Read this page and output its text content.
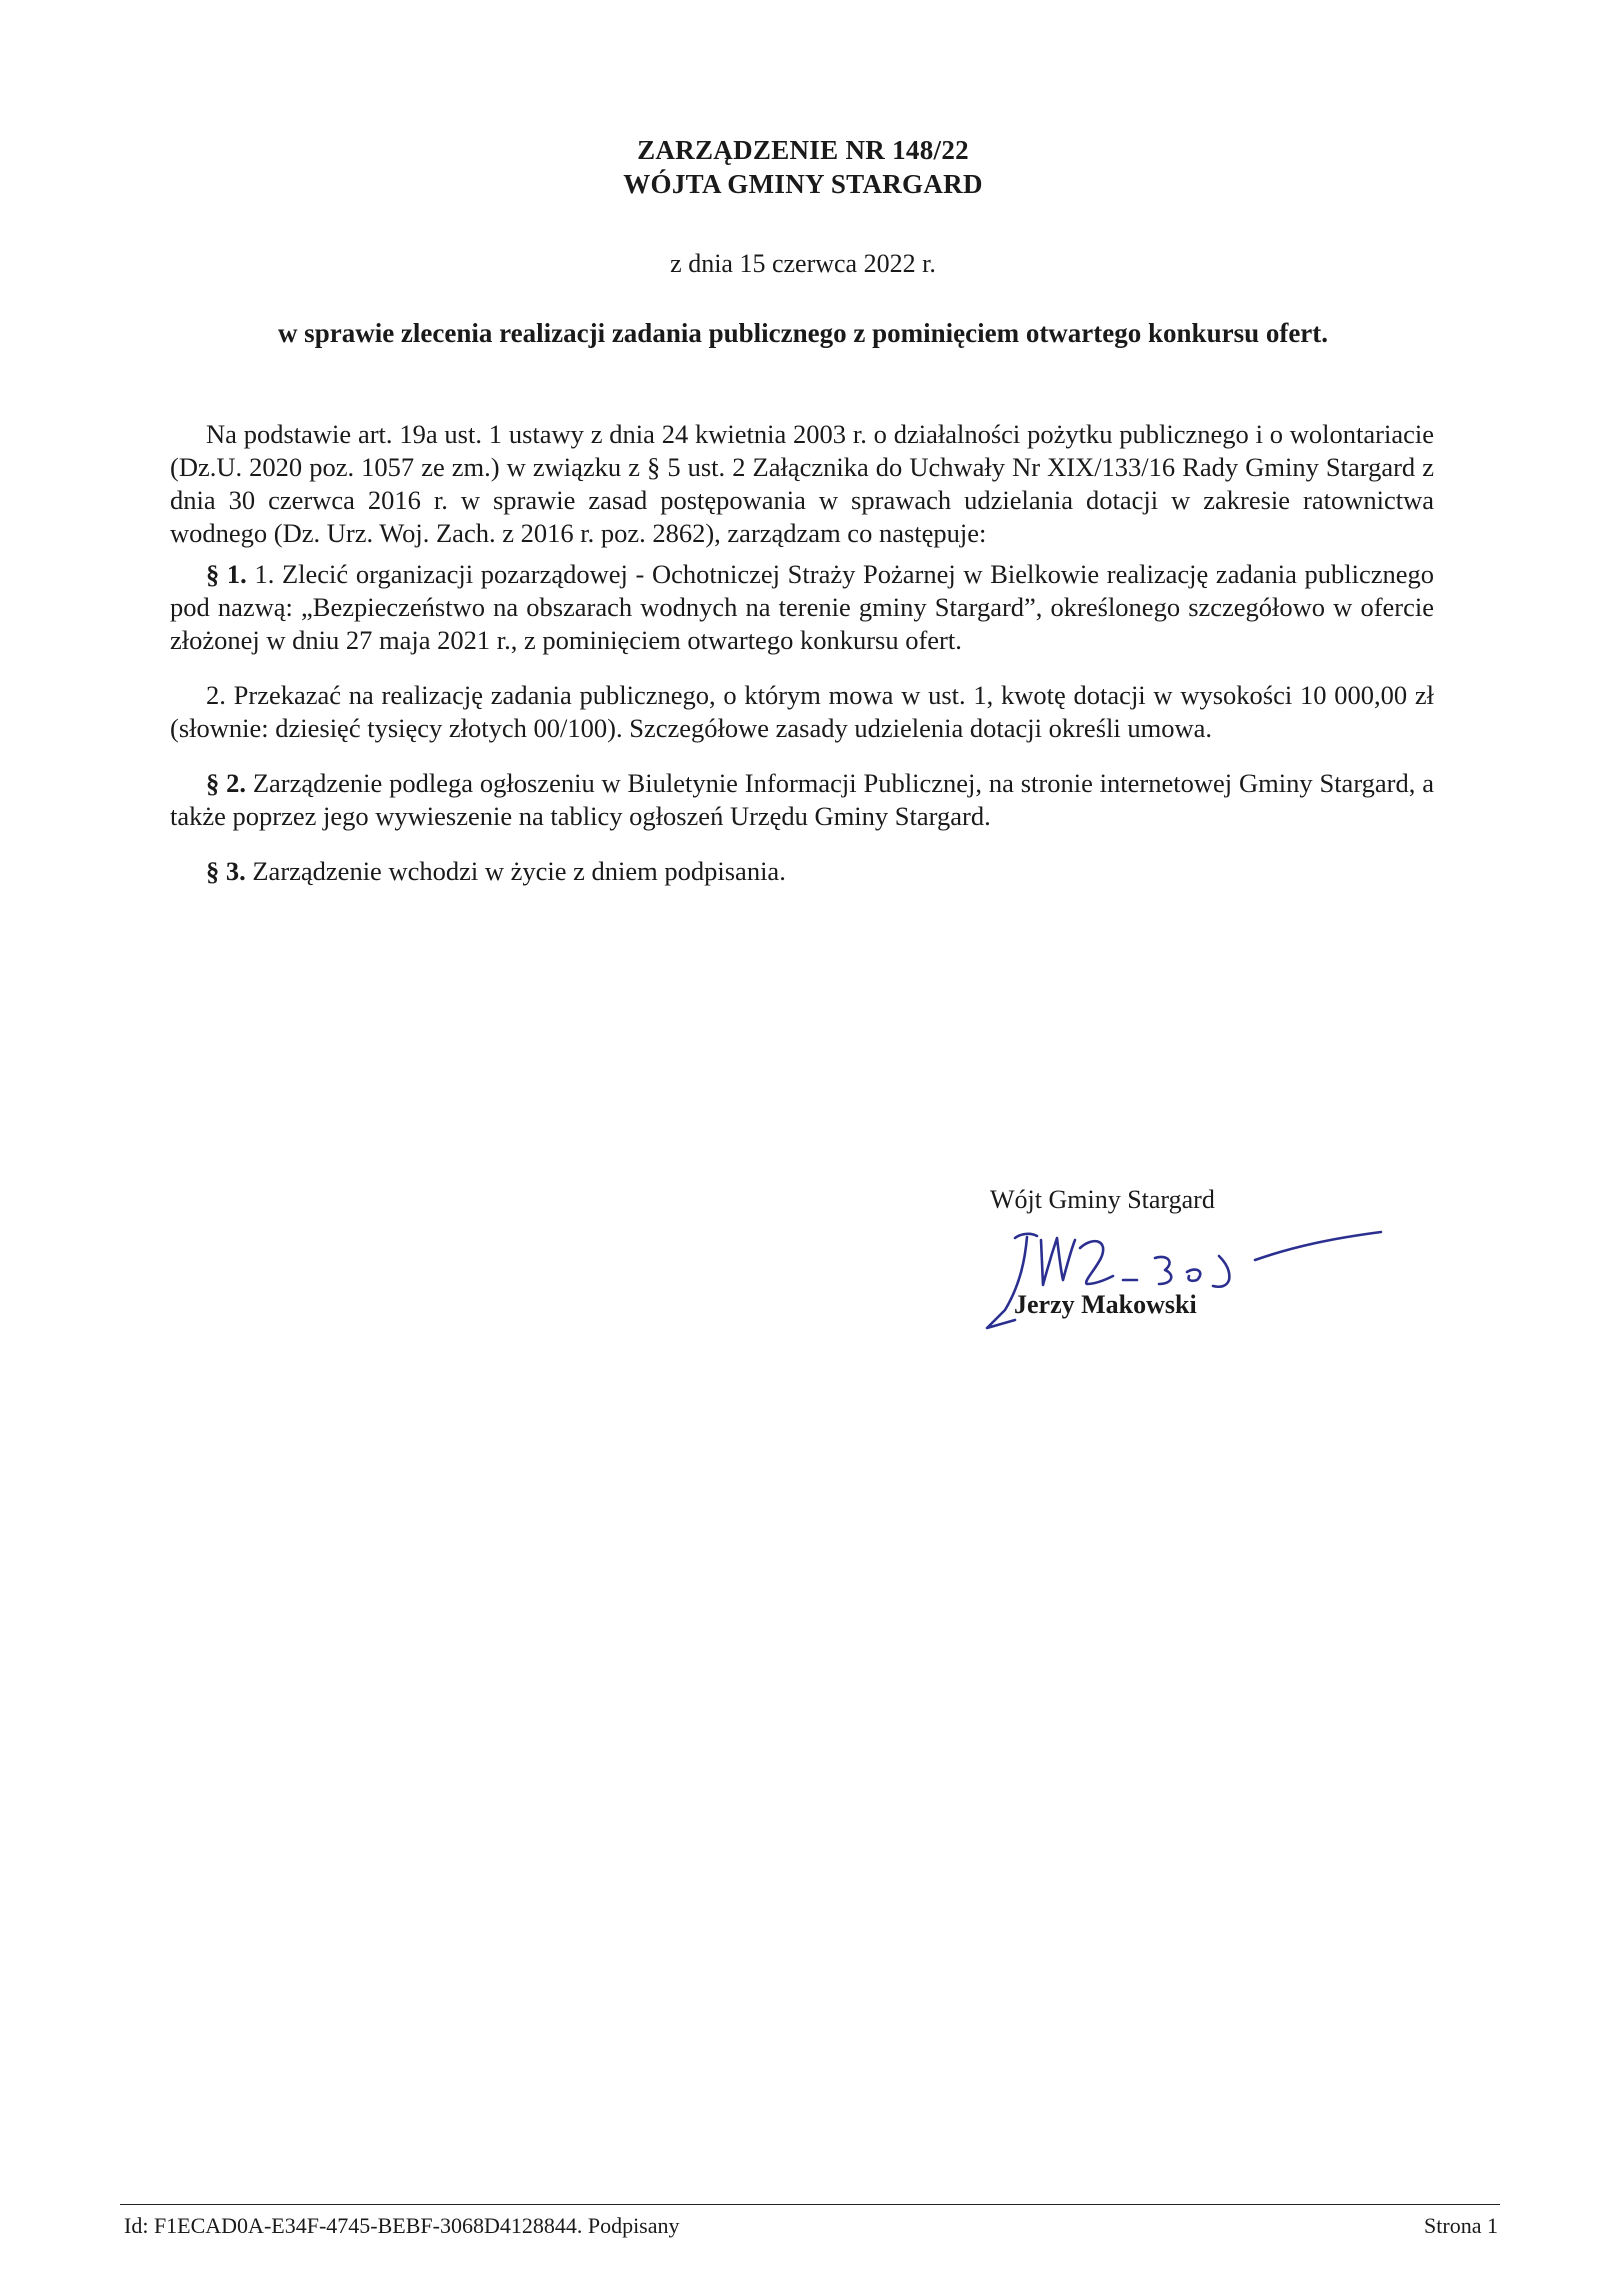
ZARZĄDZENIE NR 148/22
WÓJTA GMINY STARGARD
z dnia 15 czerwca 2022 r.
w sprawie zlecenia realizacji zadania publicznego z pominięciem otwartego konkursu ofert.

Na podstawie art. 19a ust. 1 ustawy z dnia 24 kwietnia 2003 r. o działalności pożytku publicznego i o wolontariacie (Dz.U. 2020 poz. 1057 ze zm.) w związku z § 5 ust. 2 Załącznika do Uchwały Nr XIX/133/16 Rady Gminy Stargard z dnia 30 czerwca 2016 r. w sprawie zasad postępowania w sprawach udzielania dotacji w zakresie ratownictwa wodnego (Dz. Urz. Woj. Zach. z 2016 r. poz. 2862), zarządzam co następuje:

§ 1. 1. Zlecić organizacji pozarządowej - Ochotniczej Straży Pożarnej w Bielkowie realizację zadania publicznego pod nazwą: „Bezpieczeństwo na obszarach wodnych na terenie gminy Stargard”, określonego szczegółowo w ofercie złożonej w dniu 27 maja 2021 r., z pominięciem otwartego konkursu ofert.

2. Przekazać na realizację zadania publicznego, o którym mowa w ust. 1, kwotę dotacji w wysokości 10 000,00 zł (słownie: dziesięć tysięcy złotych 00/100). Szczegółowe zasady udzielenia dotacji określi umowa.

§ 2. Zarządzenie podlega ogłoszeniu w Biuletynie Informacji Publicznej, na stronie internetowej Gminy Stargard, a także poprzez jego wywieszenie na tablicy ogłoszeń Urzędu Gminy Stargard.

§ 3. Zarządzenie wchodzi w życie z dniem podpisania.

Wójt Gminy Stargard
Jerzy Makowski
Id: F1ECAD0A-E34F-4745-BEBF-3068D4128844. Podpisany	Strona 1
